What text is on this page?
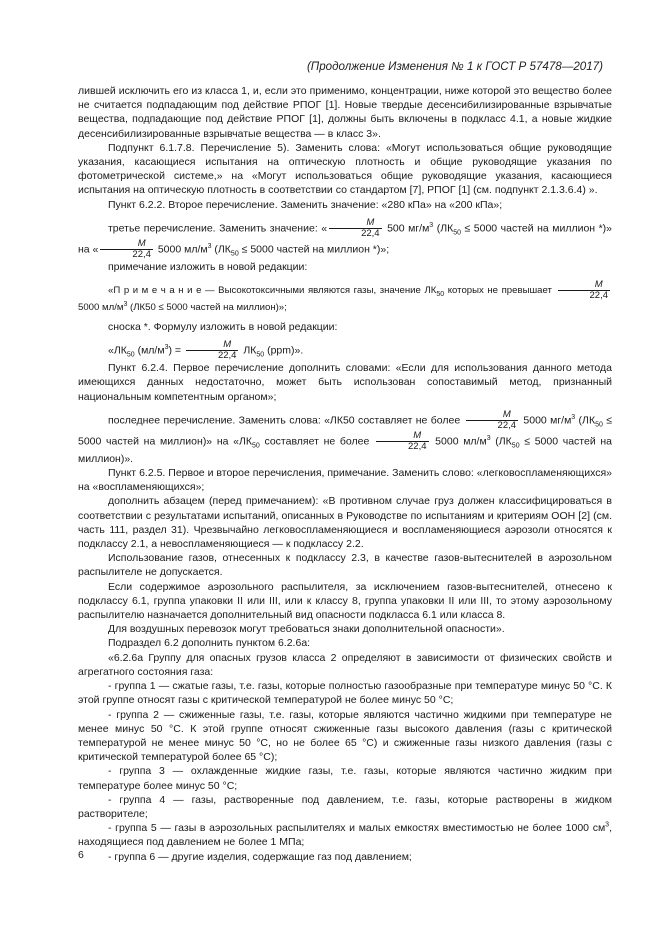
(Продолжение Изменения № 1 к ГОСТ Р 57478—2017)

лившей исключить его из класса 1, и, если это применимо, концентрации, ниже которой это вещество более не считается подпадающим под действие РПОГ [1]. Новые твердые десенсибилизированные взрывчатые вещества, подпадающие под действие РПОГ [1], должны быть включены в подкласс 4.1, а новые жидкие десенсибилизированные взрывчатые вещества — в класс 3».

Подпункт 6.1.7.8. Перечисление 5). Заменить слова: «Могут использоваться общие руководящие указания, касающиеся испытания на оптическую плотность и общие руководящие указания по фотометрической системе,» на «Могут использоваться общие руководящие указания, касающиеся испытания на оптическую плотность в соответствии со стандартом [7], РПОГ [1] (см. подпункт 2.1.3.6.4) ».

Пункт 6.2.2. Второе перечисление. Заменить значение: «280 кПа» на «200 кПа»;

третье перечисление. Заменить значение: « $\frac{M}{22,4} 500$ $мг/м^3$ ($ЛК_{50} \le 5000$ частей на миллион *)» на « $\frac{M}{22,4} 5000$ $мл/м^3$ ($ЛК_{50} \le 5000$ частей на миллион *)»;

примечание изложить в новой редакции:

«П р и м е ч а н и е — Высокотоксичными являются газы, значение $ЛК_{50}$ которых не превышает $\frac{M}{22,4}$
5000 $мл/м^3$ (ЛК50 ≤ 5000 частей на миллион)»;

сноска *. Формулу изложить в новой редакции:

«$ЛК_{50}$ $(мл/м^3) = \frac{M}{22,4} ЛК_{50}$ (ppm)».

Пункт 6.2.4. Первое перечисление дополнить словами: «Если для использования данного метода имеющихся данных недостаточно, может быть использован сопоставимый метод, признанный национальным компетентным органом»;

последнее перечисление. Заменить слова: «ЛК50 составляет не более $\frac{M}{22,4} 5000$ $мг/м^3$ ($ЛК_{50} \le 5000$ частей на миллион)» на «$ЛК_{50}$ составляет не более $\frac{M}{22,4} 5000$ $мл/м^3$ ($ЛК_{50} \le 5000$ частей на миллион)».

Пункт 6.2.5. Первое и второе перечисления, примечание. Заменить слово: «легковоспламеняющихся» на «воспламеняющихся»;

дополнить абзацем (перед примечанием): «В противном случае груз должен классифицироваться в соответствии с результатами испытаний, описанных в Руководстве по испытаниям и критериям ООН [2] (см. часть 111, раздел 31). Чрезвычайно легковоспламеняющиеся и воспламеняющиеся аэрозоли относятся к подклассу 2.1, а невоспламеняющиеся — к подклассу 2.2.

Использование газов, отнесенных к подклассу 2.3, в качестве газов-вытеснителей в аэрозольном распылителе не допускается.

Если содержимое аэрозольного распылителя, за исключением газов-вытеснителей, отнесено к подклассу 6.1, группа упаковки II или III, или к классу 8, группа упаковки II или III, то этому аэрозольному распылителю назначается дополнительный вид опасности подкласса 6.1 или класса 8.

Для воздушных перевозок могут требоваться знаки дополнительной опасности».

Подраздел 6.2 дополнить пунктом 6.2.6а:

«6.2.6а Группу для опасных грузов класса 2 определяют в зависимости от физических свойств и агрегатного состояния газа:

- группа 1 — сжатые газы, т.е. газы, которые полностью газообразные при температуре минус 50 °С. К этой группе относят газы с критической температурой не более минус 50 °С;

- группа 2 — сжиженные газы, т.е. газы, которые являются частично жидкими при температуре не менее минус 50 °С. К этой группе относят сжиженные газы высокого давления (газы с критической температурой не менее минус 50 °С, но не более 65 °С) и сжиженные газы низкого давления (газы с критической температурой более 65 °С);

- группа 3 — охлажденные жидкие газы, т.е. газы, которые являются частично жидким при температуре более минус 50 °С;

- группа 4 — газы, растворенные под давлением, т.е. газы, которые растворены в жидком растворителе;

- группа 5 — газы в аэрозольных распылителях и малых емкостях вместимостью не более 1000 $см^3$, находящиеся под давлением не более 1 МПа;

- группа 6 — другие изделия, содержащие газ под давлением;

6
